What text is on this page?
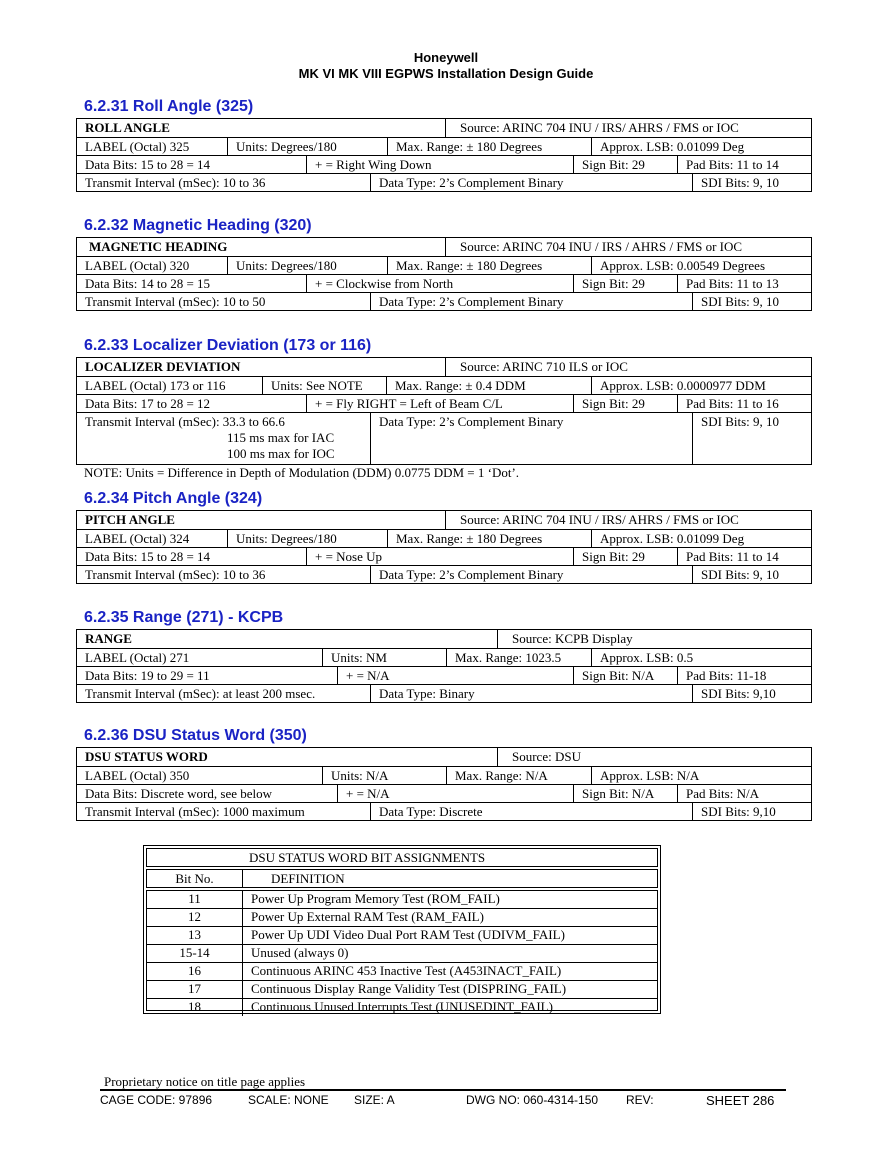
Honeywell
MK VI MK VIII EGPWS Installation Design Guide
6.2.31 Roll Angle (325)
ROLL ANGLE	Source: ARINC 704 INU / IRS/ AHRS / FMS or IOC
LABEL (Octal) 325	Units: Degrees/180	Max. Range: ± 180 Degrees	Approx. LSB: 0.01099 Deg
Data Bits: 15 to 28 = 14	+ = Right Wing Down	Sign Bit: 29	Pad Bits: 11 to 14
Transmit Interval (mSec): 10 to 36	Data Type: 2’s Complement Binary	SDI Bits: 9, 10
6.2.32 Magnetic Heading (320)
MAGNETIC HEADING	Source: ARINC 704 INU / IRS / AHRS / FMS or IOC
LABEL (Octal) 320	Units: Degrees/180	Max. Range: ± 180 Degrees	Approx. LSB: 0.00549 Degrees
Data Bits: 14 to 28 = 15	+ = Clockwise from North	Sign Bit: 29	Pad Bits: 11 to 13
Transmit Interval (mSec): 10 to 50	Data Type: 2’s Complement Binary	SDI Bits: 9, 10
6.2.33 Localizer Deviation (173 or 116)
LOCALIZER DEVIATION	Source: ARINC 710 ILS or IOC
LABEL (Octal) 173 or 116	Units: See NOTE	Max. Range: ± 0.4 DDM	Approx. LSB: 0.0000977 DDM
Data Bits: 17 to 28 = 12	+ = Fly RIGHT = Left of Beam C/L	Sign Bit: 29	Pad Bits: 11 to 16
Transmit Interval (mSec): 33.3 to 66.6
115 ms max for IAC
100 ms max for IOC
Data Type: 2’s Complement Binary	SDI Bits: 9, 10
NOTE: Units = Difference in Depth of Modulation (DDM) 0.0775 DDM = 1 ‘Dot’.
6.2.34 Pitch Angle (324)
PITCH ANGLE	Source: ARINC 704 INU / IRS/ AHRS / FMS or IOC
LABEL (Octal) 324	Units: Degrees/180	Max. Range: ± 180 Degrees	Approx. LSB: 0.01099 Deg
Data Bits: 15 to 28 = 14	+ = Nose Up	Sign Bit: 29	Pad Bits: 11 to 14
Transmit Interval (mSec): 10 to 36	Data Type: 2’s Complement Binary	SDI Bits: 9, 10
6.2.35 Range (271) - KCPB
RANGE	Source: KCPB Display
LABEL (Octal) 271	Units: NM	Max. Range: 1023.5	Approx. LSB: 0.5
Data Bits: 19 to 29 = 11	+ = N/A	Sign Bit: N/A	Pad Bits: 11-18
Transmit Interval (mSec): at least 200 msec.	Data Type: Binary	SDI Bits: 9,10
6.2.36 DSU Status Word (350)
DSU STATUS WORD	Source: DSU
LABEL (Octal) 350	Units: N/A	Max. Range: N/A	Approx. LSB: N/A
Data Bits: Discrete word, see below	+ = N/A	Sign Bit: N/A	Pad Bits: N/A
Transmit Interval (mSec): 1000 maximum	Data Type: Discrete	SDI Bits: 9,10
DSU STATUS WORD BIT ASSIGNMENTS
Bit No.	DEFINITION
11	Power Up Program Memory Test (ROM_FAIL)
12	Power Up External RAM Test (RAM_FAIL)
13	Power Up UDI Video Dual Port RAM Test (UDIVM_FAIL)
15-14	Unused (always 0)
16	Continuous ARINC 453 Inactive Test (A453INACT_FAIL)
17	Continuous Display Range Validity Test (DISPRING_FAIL)
18	Continuous Unused Interrupts Test (UNUSEDINT_FAIL)
Proprietary notice on title page applies
CAGE CODE: 97896	SCALE: NONE SIZE: A	DWG NO: 060-4314-150 REV:	SHEET 286
